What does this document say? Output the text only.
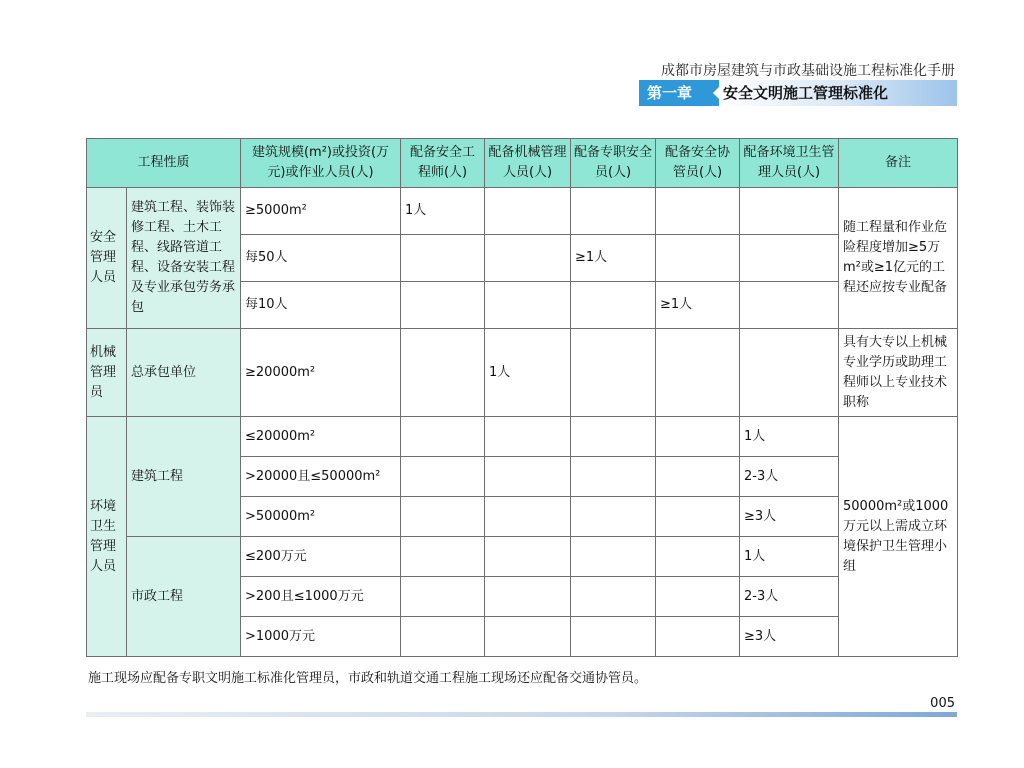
成都市房屋建筑与市政基础设施工程标准化手册
第一章	安全文明施工管理标准化
工程性质		建筑规模(m²)或投资(万元)或作业人员(人)	配备安全工程师(人)	配备机械管理人员(人)	配备专职安全员(人)	配备安全协管员(人)	配备环境卫生管理人员(人)	备注
安全管理人员	建筑工程、装饰装修工程、土木工程、线路管道工程、设备安装工程及专业承包劳务承包	≥5000m²	1人					随工程量和作业危险程度增加≥5万m²或≥1亿元的工程还应按专业配备
		每50人			≥1人			
		每10人				≥1人		
机械管理员	总承包单位	≥20000m²		1人				具有大专以上机械专业学历或助理工程师以上专业技术职称
环境卫生管理人员	建筑工程	≤20000m²					1人	50000m²或1000万元以上需成立环境保护卫生管理小组
		>20000且≤50000m²					2-3人	
		>50000m²					≥3人	
	市政工程	≤200万元					1人	
		>200且≤1000万元					2-3人	
		>1000万元					≥3人	
施工现场应配备专职文明施工标准化管理员，市政和轨道交通工程施工现场还应配备交通协管员。
005
